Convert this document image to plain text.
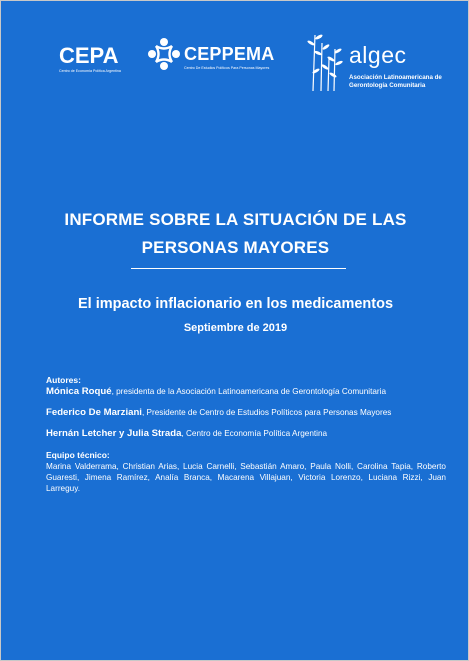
CEPA
Centro de Economía Política Argentina
CEPPEMA
Centro De Estudios Políticos Para Personas Mayores	algec
Asociación Latinoamericana de Gerontología Comunitaria
INFORME SOBRE LA SITUACIÓN DE LAS
PERSONAS MAYORES
El impacto inflacionario en los medicamentos
Septiembre de 2019

Autores:

Mónica Roqué, presidenta de la Asociación Latinoamericana de Gerontología Comunitaria

Federico De Marziani, Presidente de Centro de Estudios Políticos para Personas Mayores

Hernán Letcher y Julia Strada, Centro de Economía Política Argentina

Equipo técnico:

Marina Valderrama, Christian Arias, Lucia Carnelli, Sebastián Amaro, Paula Nolli, Carolina Tapia, Roberto Guaresti, Jimena Ramírez, Analía Branca, Macarena Villajuan, Victoria Lorenzo, Luciana Rizzi, Juan Larreguy.
